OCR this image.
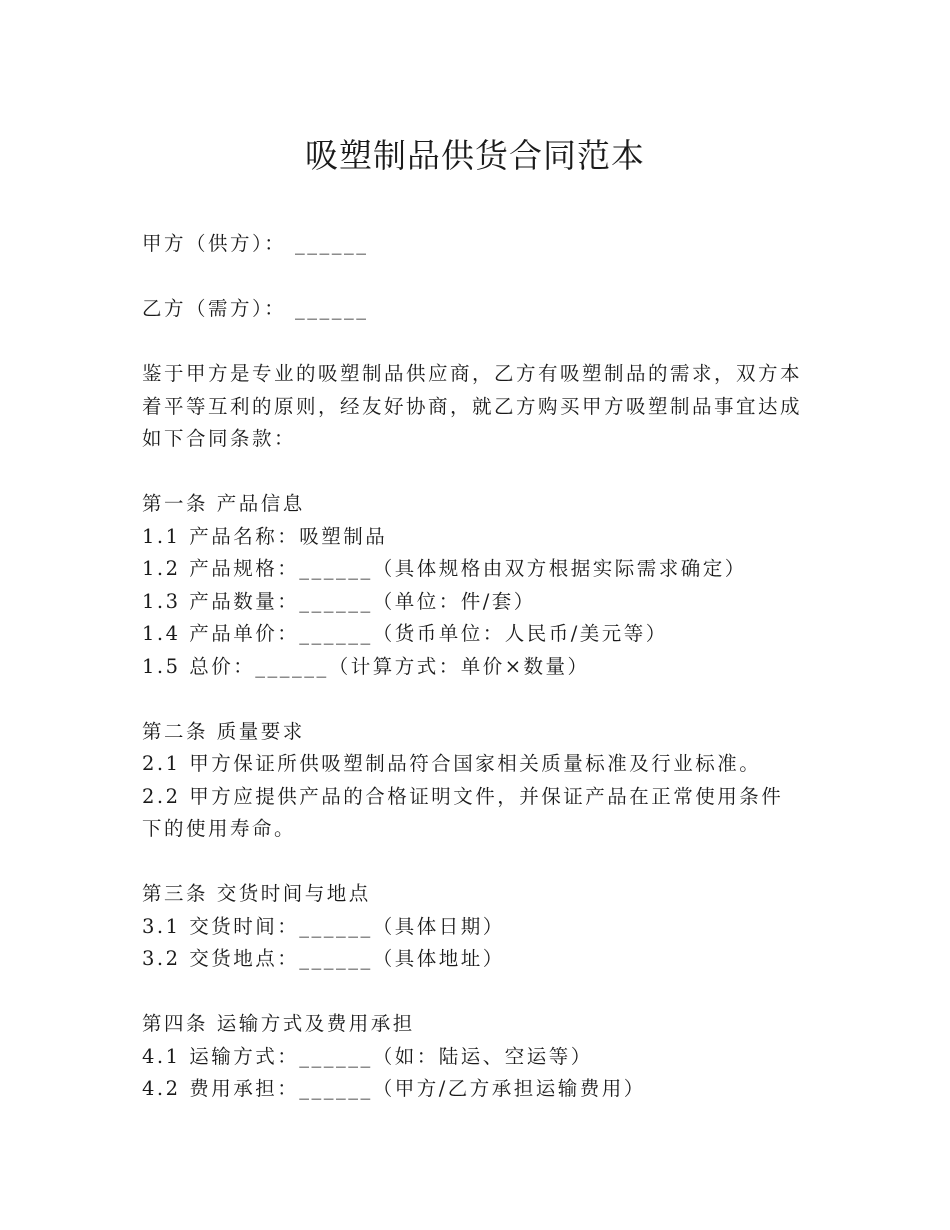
吸塑制品供货合同范本

甲方（供方）： ______

乙方（需方）： ______

鉴于甲方是专业的吸塑制品供应商，乙方有吸塑制品的需求，双方本着平等互利的原则，经友好协商，就乙方购买甲方吸塑制品事宜达成如下合同条款：

第一条 产品信息

1.1 产品名称：吸塑制品

1.2 产品规格：______（具体规格由双方根据实际需求确定）

1.3 产品数量：______（单位：件/套）

1.4 产品单价：______（货币单位：人民币/美元等）

1.5 总价：______（计算方式：单价×数量）

第二条 质量要求

2.1 甲方保证所供吸塑制品符合国家相关质量标准及行业标准。

2.2 甲方应提供产品的合格证明文件，并保证产品在正常使用条件下的使用寿命。

第三条 交货时间与地点

3.1 交货时间：______（具体日期）

3.2 交货地点：______（具体地址）

第四条 运输方式及费用承担

4.1 运输方式：______（如：陆运、空运等）

4.2 费用承担：______（甲方/乙方承担运输费用）
